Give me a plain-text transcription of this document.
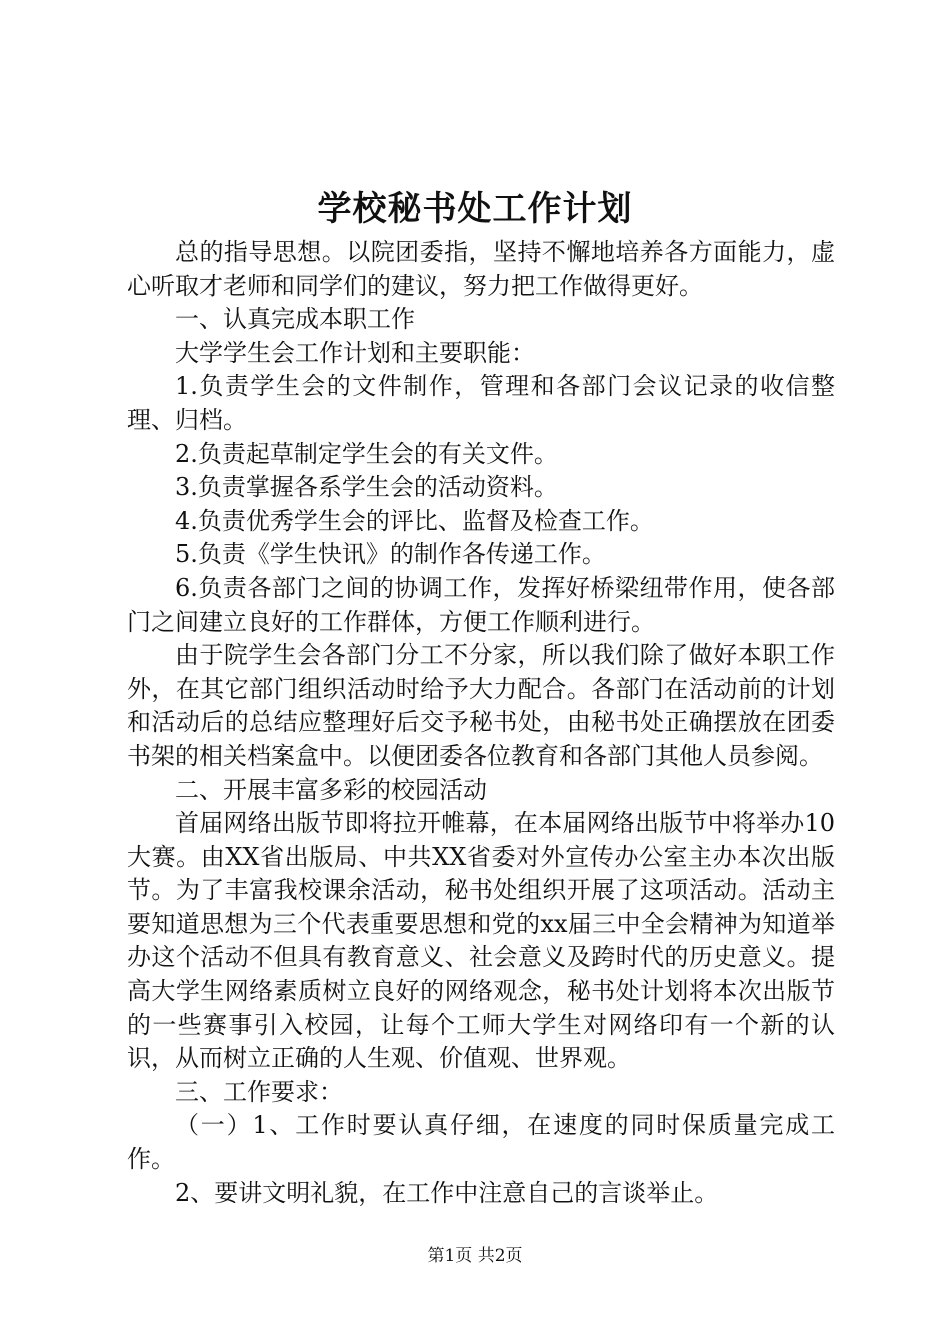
学校秘书处工作计划

总的指导思想。以院团委指，坚持不懈地培养各方面能力，虚心听取才老师和同学们的建议，努力把工作做得更好。

一、认真完成本职工作

大学学生会工作计划和主要职能：

1.负责学生会的文件制作，管理和各部门会议记录的收信整理、归档。

2.负责起草制定学生会的有关文件。

3.负责掌握各系学生会的活动资料。

4.负责优秀学生会的评比、监督及检查工作。

5.负责《学生快讯》的制作各传递工作。

6.负责各部门之间的协调工作，发挥好桥梁纽带作用，使各部门之间建立良好的工作群体，方便工作顺利进行。

由于院学生会各部门分工不分家，所以我们除了做好本职工作外，在其它部门组织活动时给予大力配合。各部门在活动前的计划和活动后的总结应整理好后交予秘书处，由秘书处正确摆放在团委书架的相关档案盒中。以便团委各位教育和各部门其他人员参阅。

二、开展丰富多彩的校园活动

首届网络出版节即将拉开帷幕，在本届网络出版节中将举办10大赛。由XX省出版局、中共XX省委对外宣传办公室主办本次出版节。为了丰富我校课余活动，秘书处组织开展了这项活动。活动主要知道思想为三个代表重要思想和党的xx届三中全会精神为知道举办这个活动不但具有教育意义、社会意义及跨时代的历史意义。提高大学生网络素质树立良好的网络观念，秘书处计划将本次出版节的一些赛事引入校园，让每个工师大学生对网络印有一个新的认识，从而树立正确的人生观、价值观、世界观。

三、工作要求：

（一）1、工作时要认真仔细，在速度的同时保质量完成工作。

2、要讲文明礼貌，在工作中注意自己的言谈举止。

第1页 共2页
